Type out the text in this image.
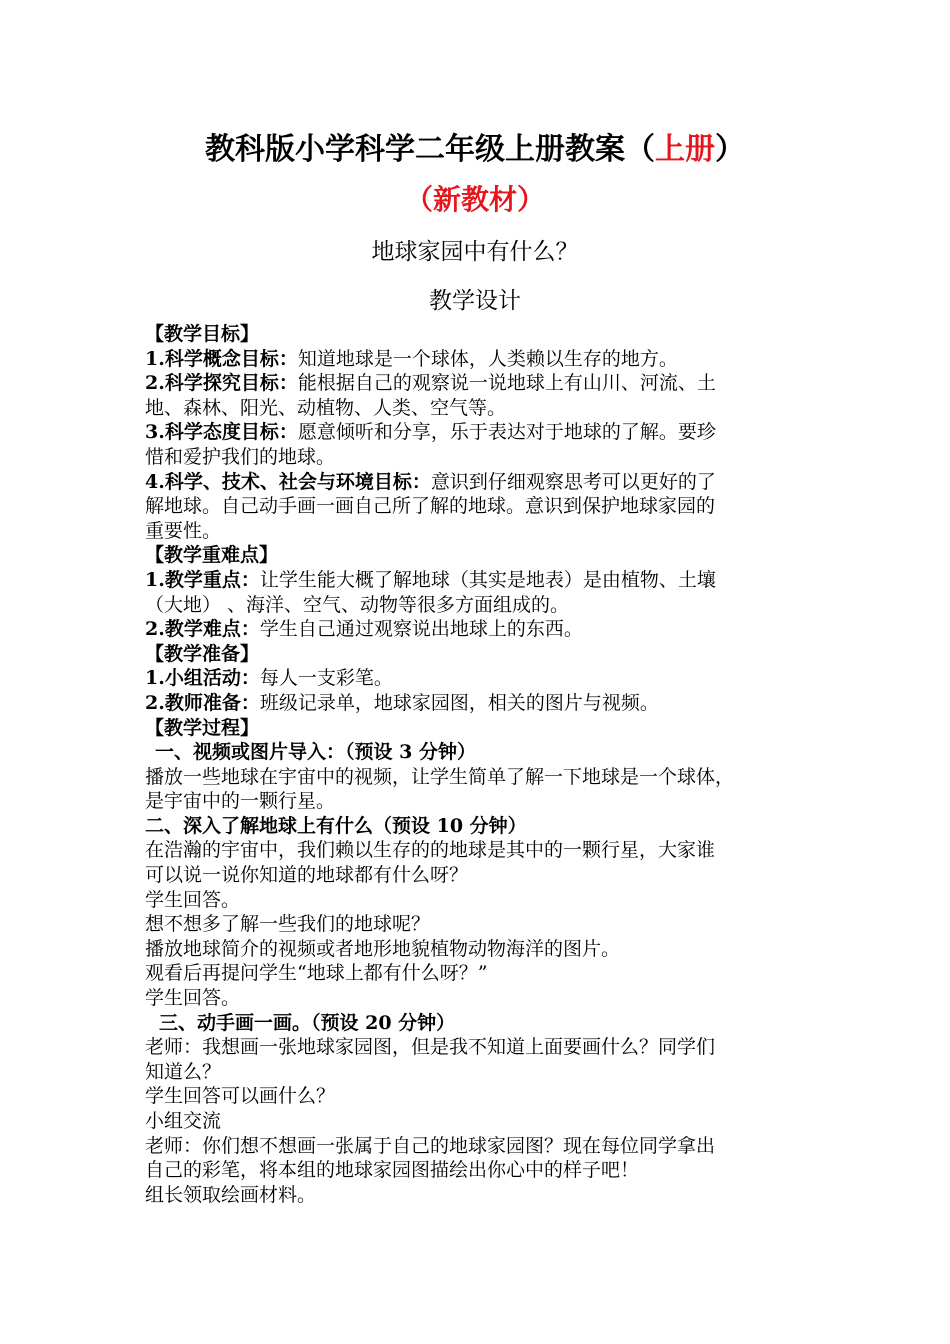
教科版小学科学二年级上册教案（上册）
（新教材）
地球家园中有什么？
教学设计

【教学目标】

1.科学概念目标：知道地球是一个球体，人类赖以生存的地方。

2.科学探究目标：能根据自己的观察说一说地球上有山川、河流、土

地、森林、阳光、动植物、人类、空气等。

3.科学态度目标：愿意倾听和分享，乐于表达对于地球的了解。要珍

惜和爱护我们的地球。

4.科学、技术、社会与环境目标：意识到仔细观察思考可以更好的了

解地球。自己动手画一画自己所了解的地球。意识到保护地球家园的

重要性。

【教学重难点】

1.教学重点：让学生能大概了解地球（其实是地表）是由植物、土壤

（大地） 、海洋、空气、动物等很多方面组成的。

2.教学难点：学生自己通过观察说出地球上的东西。

【教学准备】

1.小组活动：每人一支彩笔。

2.教师准备：班级记录单，地球家园图，相关的图片与视频。

【教学过程】

一、视频或图片导入：（预设 3 分钟）

播放一些地球在宇宙中的视频，让学生简单了解一下地球是一个球体，

是宇宙中的一颗行星。

二、深入了解地球上有什么（预设 10 分钟）

在浩瀚的宇宙中，我们赖以生存的的地球是其中的一颗行星，大家谁

可以说一说你知道的地球都有什么呀？

学生回答。

想不想多了解一些我们的地球呢？

播放地球简介的视频或者地形地貌植物动物海洋的图片。

观看后再提问学生“地球上都有什么呀？”

学生回答。

三、动手画一画。（预设 20 分钟）

老师：我想画一张地球家园图，但是我不知道上面要画什么？同学们

知道么？

学生回答可以画什么？

小组交流

老师：你们想不想画一张属于自己的地球家园图？现在每位同学拿出

自己的彩笔，将本组的地球家园图描绘出你心中的样子吧！

组长领取绘画材料。
